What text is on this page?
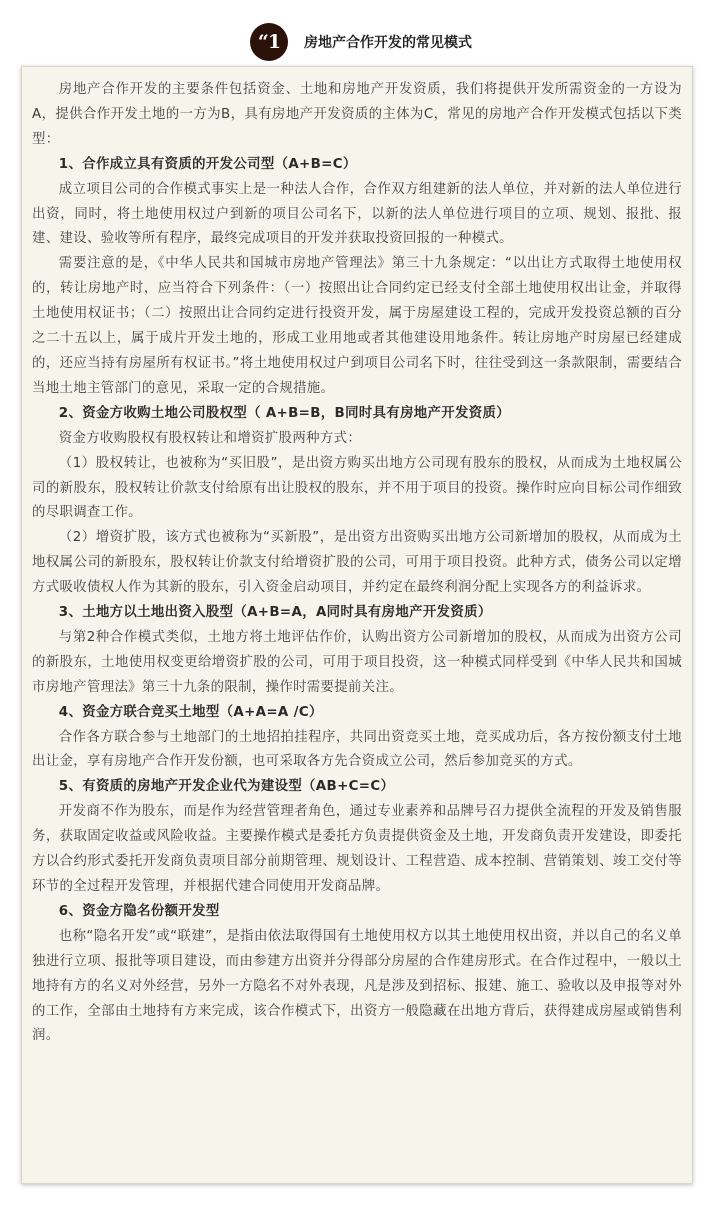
“1	房地产合作开发的常见模式

房地产合作开发的主要条件包括资金、土地和房地产开发资质，我们将提供开发所需资金的一方设为A，提供合作开发土地的一方为B，具有房地产开发资质的主体为C，常见的房地产合作开发模式包括以下类型：

1、合作成立具有资质的开发公司型（A+B=C）

成立项目公司的合作模式事实上是一种法人合作，合作双方组建新的法人单位，并对新的法人单位进行出资，同时，将土地使用权过户到新的项目公司名下，以新的法人单位进行项目的立项、规划、报批、报建、建设、验收等所有程序，最终完成项目的开发并获取投资回报的一种模式。

需要注意的是，《中华人民共和国城市房地产管理法》第三十九条规定：“以出让方式取得土地使用权的，转让房地产时，应当符合下列条件：（一）按照出让合同约定已经支付全部土地使用权出让金，并取得土地使用权证书；（二）按照出让合同约定进行投资开发，属于房屋建设工程的，完成开发投资总额的百分之二十五以上，属于成片开发土地的，形成工业用地或者其他建设用地条件。转让房地产时房屋已经建成的，还应当持有房屋所有权证书。”将土地使用权过户到项目公司名下时，往往受到这一条款限制，需要结合当地土地主管部门的意见，采取一定的合规措施。

2、资金方收购土地公司股权型（ A+B=B，B同时具有房地产开发资质）

资金方收购股权有股权转让和增资扩股两种方式：

（1）股权转让，也被称为“买旧股”，是出资方购买出地方公司现有股东的股权，从而成为土地权属公司的新股东，股权转让价款支付给原有出让股权的股东，并不用于项目的投资。操作时应向目标公司作细致的尽职调查工作。

（2）增资扩股，该方式也被称为“买新股”，是出资方出资购买出地方公司新增加的股权，从而成为土地权属公司的新股东，股权转让价款支付给增资扩股的公司，可用于项目投资。此种方式，债务公司以定增方式吸收债权人作为其新的股东，引入资金启动项目，并约定在最终利润分配上实现各方的利益诉求。

3、土地方以土地出资入股型（A+B=A，A同时具有房地产开发资质）

与第2种合作模式类似，土地方将土地评估作价，认购出资方公司新增加的股权，从而成为出资方公司的新股东，土地使用权变更给增资扩股的公司，可用于项目投资，这一种模式同样受到《中华人民共和国城市房地产管理法》第三十九条的限制，操作时需要提前关注。

4、资金方联合竞买土地型（A+A=A /C）

合作各方联合参与土地部门的土地招拍挂程序，共同出资竞买土地，竞买成功后，各方按份额支付土地出让金，享有房地产合作开发份额，也可采取各方先合资成立公司，然后参加竞买的方式。

5、有资质的房地产开发企业代为建设型（AB+C=C）

开发商不作为股东，而是作为经营管理者角色，通过专业素养和品牌号召力提供全流程的开发及销售服务，获取固定收益或风险收益。主要操作模式是委托方负责提供资金及土地，开发商负责开发建设，即委托方以合约形式委托开发商负责项目部分前期管理、规划设计、工程营造、成本控制、营销策划、竣工交付等环节的全过程开发管理，并根据代建合同使用开发商品牌。

6、资金方隐名份额开发型

也称“隐名开发”或“联建”，是指由依法取得国有土地使用权方以其土地使用权出资，并以自己的名义单独进行立项、报批等项目建设，而由参建方出资并分得部分房屋的合作建房形式。在合作过程中，一般以土地持有方的名义对外经营，另外一方隐名不对外表现，凡是涉及到招标、报建、施工、验收以及申报等对外的工作，全部由土地持有方来完成，该合作模式下，出资方一般隐藏在出地方背后，获得建成房屋或销售利润。
